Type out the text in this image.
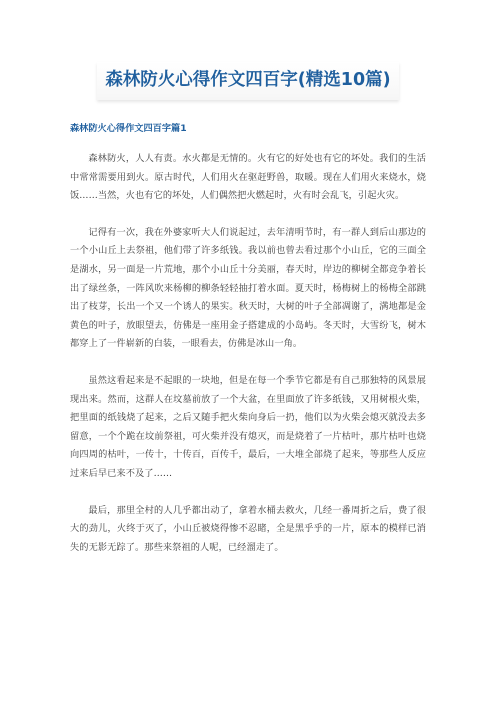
森林防火心得作文四百字(精选10篇)
森林防火心得作文四百字篇1

森林防火，人人有责。水火都是无情的。火有它的好处也有它的坏处。我们的生活中常常需要用到火。原古时代，人们用火在驱赶野兽，取暖。现在人们用火来烧水，烧饭……当然，火也有它的坏处，人们偶然把火燃起时，火有时会乱飞，引起火灾。

记得有一次，我在外婆家听大人们说起过，去年清明节时，有一群人到后山那边的一个小山丘上去祭祖，他们带了许多纸钱。我以前也曾去看过那个小山丘，它的三面全是湖水，另一面是一片荒地，那个小山丘十分美丽，春天时，岸边的柳树全都竞争着长出了绿丝条，一阵风吹来杨柳的柳条轻轻抽打着水面。夏天时，杨梅树上的杨梅全部跳出了枝芽，长出一个又一个诱人的果实。秋天时，大树的叶子全部凋谢了，满地都是金黄色的叶子，放眼望去，仿佛是一座用金子搭建成的小岛屿。冬天时，大雪纷飞，树木都穿上了一件崭新的白装，一眼看去，仿佛是冰山一角。

虽然这看起来是不起眼的一块地，但是在每一个季节它都是有自己那独特的风景展现出来。然而，这群人在坟墓前放了一个大盆，在里面放了许多纸钱，又用树根火柴，把里面的纸钱烧了起来，之后又随手把火柴向身后一扔，他们以为火柴会熄灭就没去多留意，一个个跪在坟前祭祖，可火柴并没有熄灭，而是烧着了一片枯叶，那片枯叶也烧向四周的枯叶，一传十，十传百，百传千，最后，一大堆全部烧了起来，等那些人反应过来后早已来不及了……

最后，那里全村的人几乎都出动了，拿着水桶去救火，几经一番周折之后，费了很大的劲儿，火终于灭了，小山丘被烧得惨不忍睹，全是黑乎乎的一片，原本的模样已消失的无影无踪了。那些来祭祖的人呢，已经溜走了。
